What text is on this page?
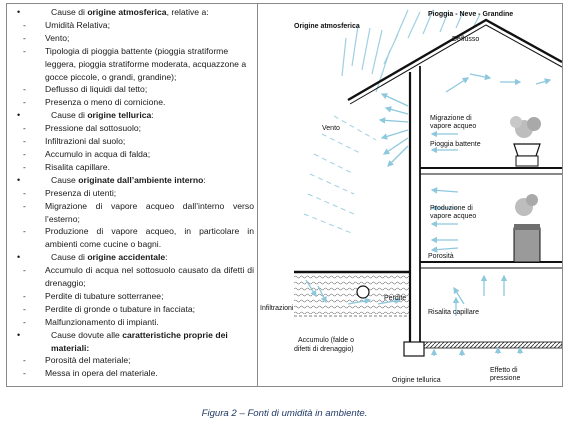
•	Cause di origine atmosferica, relative a:
- Umidità Relativa;
- Vento;
- Tipologia di pioggia battente (pioggia stratiforme leggera, pioggia stratiforme moderata, acquazzone a gocce piccole, o grandi, grandine);
- Deflusso di liquidi dal tetto;
- Presenza o meno di cornicione.
•	Cause di origine tellurica:
- Pressione dal sottosuolo;
- Infiltrazioni dal suolo;
- Accumulo in acqua di falda;
- Risalita capillare.
•	Cause originate dall’ambiente interno:
- Presenza di utenti;
- Migrazione di vapore acqueo dall’interno verso l’esterno;
- Produzione di vapore acqueo, in particolare in ambienti come cucine o bagni.
•	Cause di origine accidentale:
- Accumulo di acqua nel sottosuolo causato da difetti di drenaggio;
- Perdite di tubature sotterranee;
- Perdite di gronde o tubature in facciata;
- Malfunzionamento di impianti.
•	Cause dovute alle caratteristiche proprie dei materiali:
- Porosità del materiale;
- Messa in opera del materiale.
Origine atmosferica
Pioggia - Neve - Grandine
Deflusso
Vento
Migrazione di
vapore acqueo
Pioggia battente
Produzione di
vapore acqueo
Porosità
Infiltrazioni
Perdite
Risalita capillare
Accumulo (falde o
difetti di drenaggio)
Origine tellurica
Effetto di
pressione
Figura 2 – Fonti di umidità in ambiente.
